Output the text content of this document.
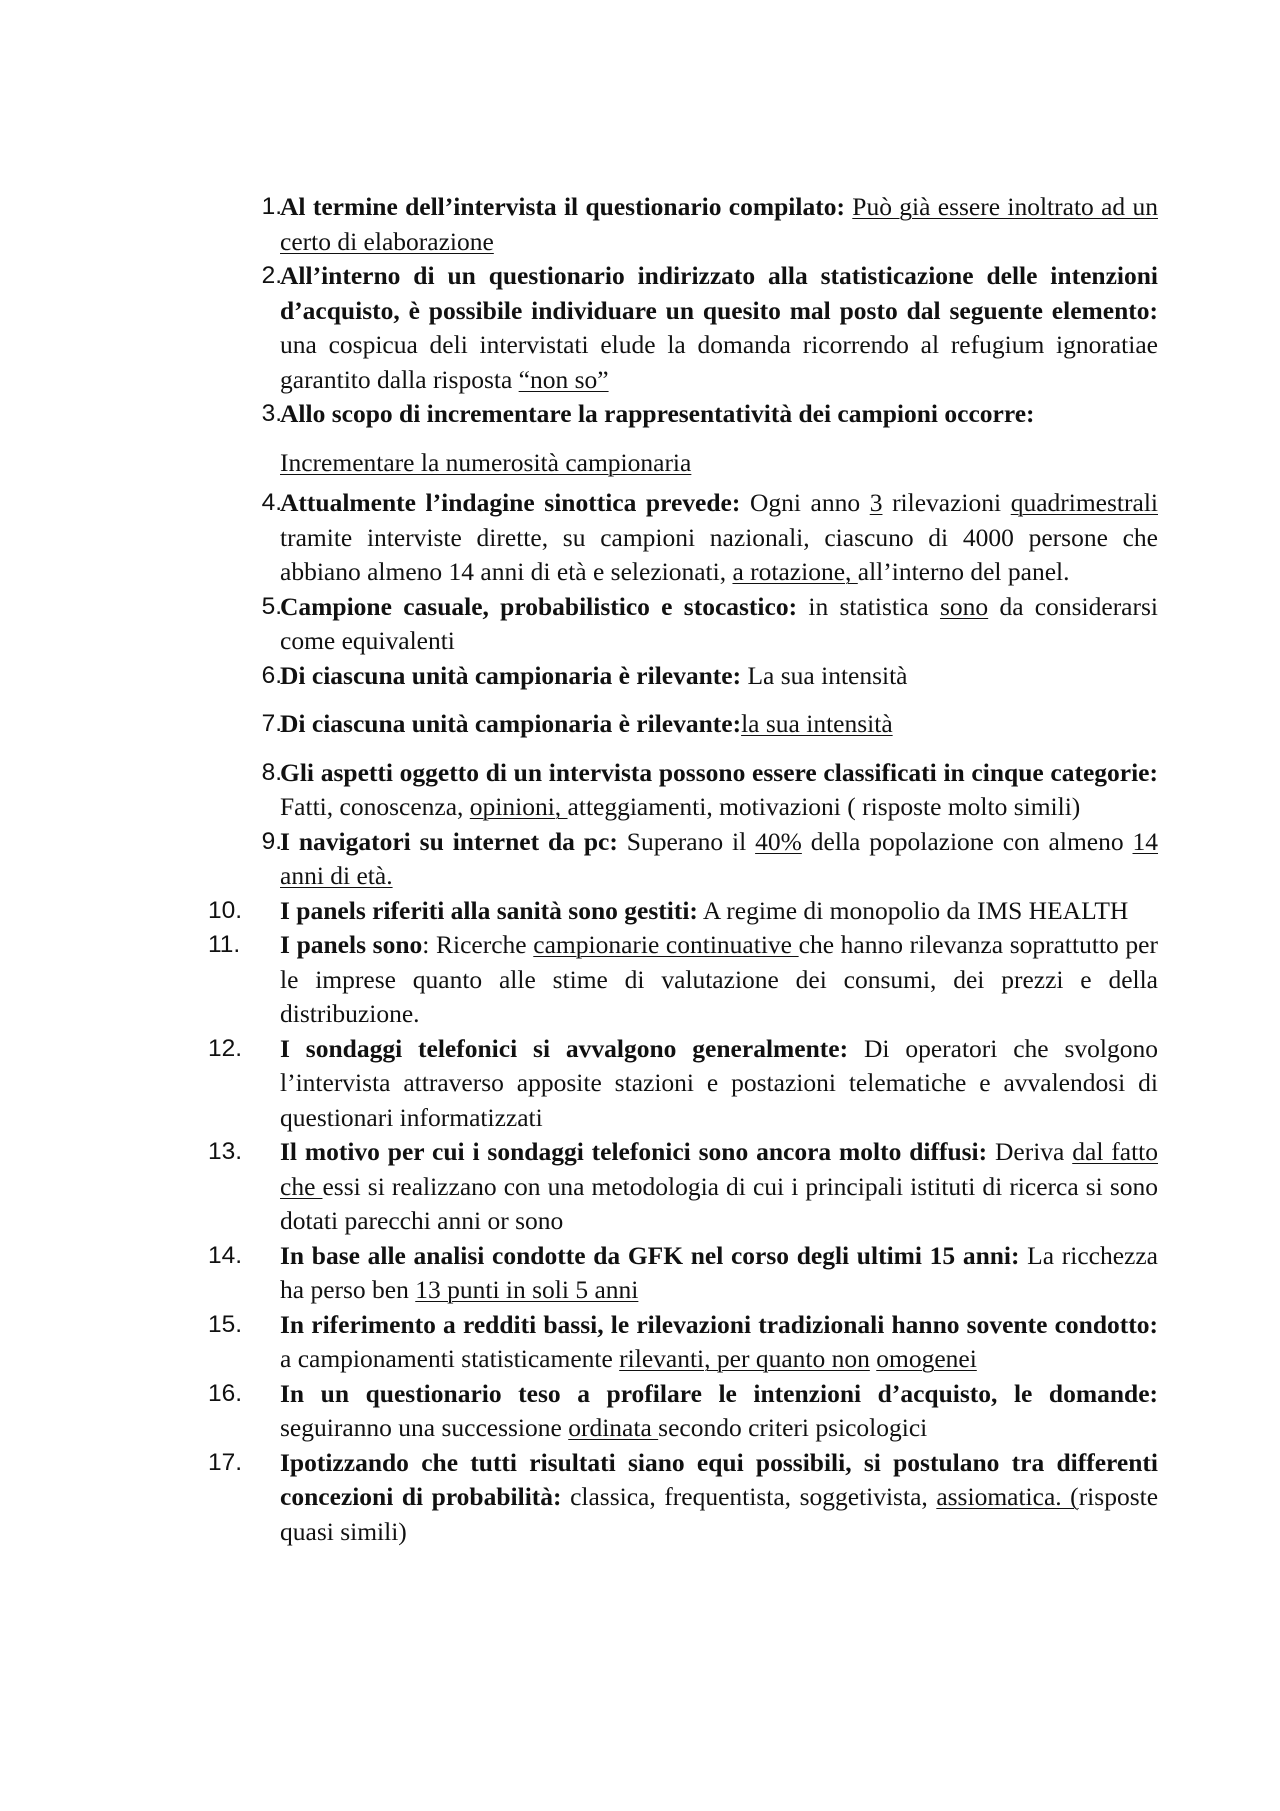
1.
Al termine dell’intervista il questionario compilato: Può già essere inoltrato ad un certo di elaborazione
2.
All’interno di un questionario indirizzato alla statisticazione delle intenzioni d’acquisto, è possibile individuare un quesito mal posto dal seguente elemento: una cospicua deli intervistati elude la domanda ricorrendo al refugium ignoratiae garantito dalla risposta “non so”
3.
Allo scopo di incrementare la rappresentatività dei campioni occorre:
Incrementare la numerosità campionaria
4.
Attualmente l’indagine sinottica prevede: Ogni anno 3 rilevazioni quadrimestrali tramite interviste dirette, su campioni nazionali, ciascuno di 4000 persone che abbiano almeno 14 anni di età e selezionati, a rotazione, all’interno del panel.
5.
Campione casuale, probabilistico e stocastico: in statistica sono da considerarsi come equivalenti
6.
Di ciascuna unità campionaria è rilevante: La sua intensità
7.
Di ciascuna unità campionaria è rilevante:la sua intensità
8.
Gli aspetti oggetto di un intervista possono essere classificati in cinque categorie: Fatti, conoscenza, opinioni, atteggiamenti, motivazioni ( risposte molto simili)
9.
I navigatori su internet da pc: Superano il 40% della popolazione con almeno 14 anni di età.
10.	I panels riferiti alla sanità sono gestiti: A regime di monopolio da IMS HEALTH
11.	I panels sono: Ricerche campionarie continuative che hanno rilevanza soprattutto per le imprese quanto alle stime di valutazione dei consumi, dei prezzi e della distribuzione.
12.	I sondaggi telefonici si avvalgono generalmente: Di operatori che svolgono l’intervista attraverso apposite stazioni e postazioni telematiche e avvalendosi di questionari informatizzati
13.	Il motivo per cui i sondaggi telefonici sono ancora molto diffusi: Deriva dal fatto che essi si realizzano con una metodologia di cui i principali istituti di ricerca si sono dotati parecchi anni or sono
14.	In base alle analisi condotte da GFK nel corso degli ultimi 15 anni: La ricchezza ha perso ben 13 punti in soli 5 anni
15.	In riferimento a redditi bassi, le rilevazioni tradizionali hanno sovente condotto: a campionamenti statisticamente rilevanti, per quanto non omogenei
16.	In un questionario teso a profilare le intenzioni d’acquisto, le domande: seguiranno una successione ordinata secondo criteri psicologici
17.	Ipotizzando che tutti risultati siano equi possibili, si postulano tra differenti concezioni di probabilità: classica, frequentista, soggetivista, assiomatica. (risposte quasi simili)
